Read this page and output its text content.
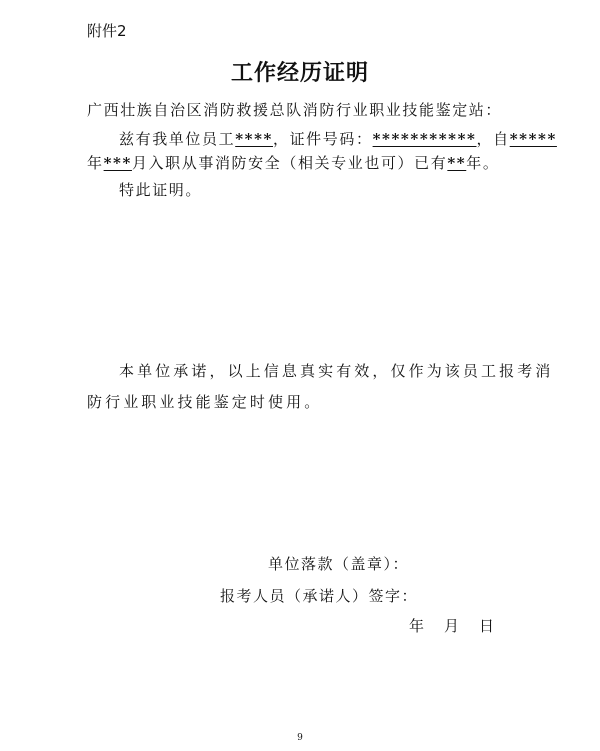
附件2
工作经历证明
广西壮族自治区消防救援总队消防行业职业技能鉴定站：
兹有我单位员工****，证件号码：***********，自*****
年***月入职从事消防安全（相关专业也可）已有**年。
特此证明。
本单位承诺，以上信息真实有效，仅作为该员工报考消
防行业职业技能鉴定时使用。
单位落款（盖章）：
报考人员（承诺人）签字：
年 月 日
9
